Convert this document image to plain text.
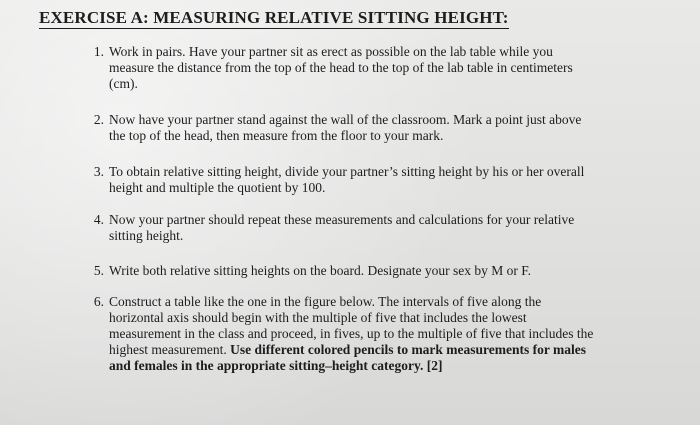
EXERCISE A: MEASURING RELATIVE SITTING HEIGHT:
1. Work in pairs. Have your partner sit as erect as possible on the lab table while you
measure the distance from the top of the head to the top of the lab table in centimeters
(cm).
2. Now have your partner stand against the wall of the classroom. Mark a point just above
the top of the head, then measure from the floor to your mark.
3. To obtain relative sitting height, divide your partner’s sitting height by his or her overall
height and multiple the quotient by 100.
4. Now your partner should repeat these measurements and calculations for your relative
sitting height.
5. Write both relative sitting heights on the board. Designate your sex by M or F.
6. Construct a table like the one in the figure below. The intervals of five along the
horizontal axis should begin with the multiple of five that includes the lowest
measurement in the class and proceed, in fives, up to the multiple of five that includes the
highest measurement. Use different colored pencils to mark measurements for males
and females in the appropriate sitting–height category. [2]
